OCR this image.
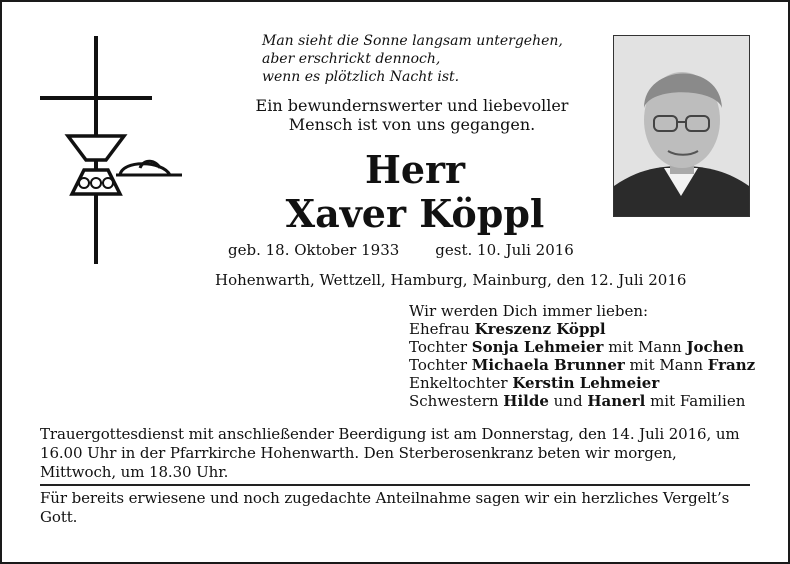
Man sieht die Sonne langsam untergehen,
aber erschrickt dennoch,
wenn es plötzlich Nacht ist.
Ein bewundernswerter und liebevoller
Mensch ist von uns gegangen.
Herr
Xaver Köppl
geb. 18. Oktober 1933 gest. 10. Juli 2016
Hohenwarth, Wettzell, Hamburg, Mainburg, den 12. Juli 2016
Wir werden Dich immer lieben:
Ehefrau Kreszenz Köppl
Tochter Sonja Lehmeier mit Mann Jochen
Tochter Michaela Brunner mit Mann Franz
Enkeltochter Kerstin Lehmeier
Schwestern Hilde und Hanerl mit Familien
Trauergottesdienst mit anschließender Beerdigung ist am Donnerstag, den 14. Juli 2016, um 16.00 Uhr in der Pfarrkirche Hohenwarth. Den Sterberosenkranz beten wir morgen, Mittwoch, um 18.30 Uhr.
Für bereits erwiesene und noch zugedachte Anteilnahme sagen wir ein herzliches Vergelt’s Gott.
